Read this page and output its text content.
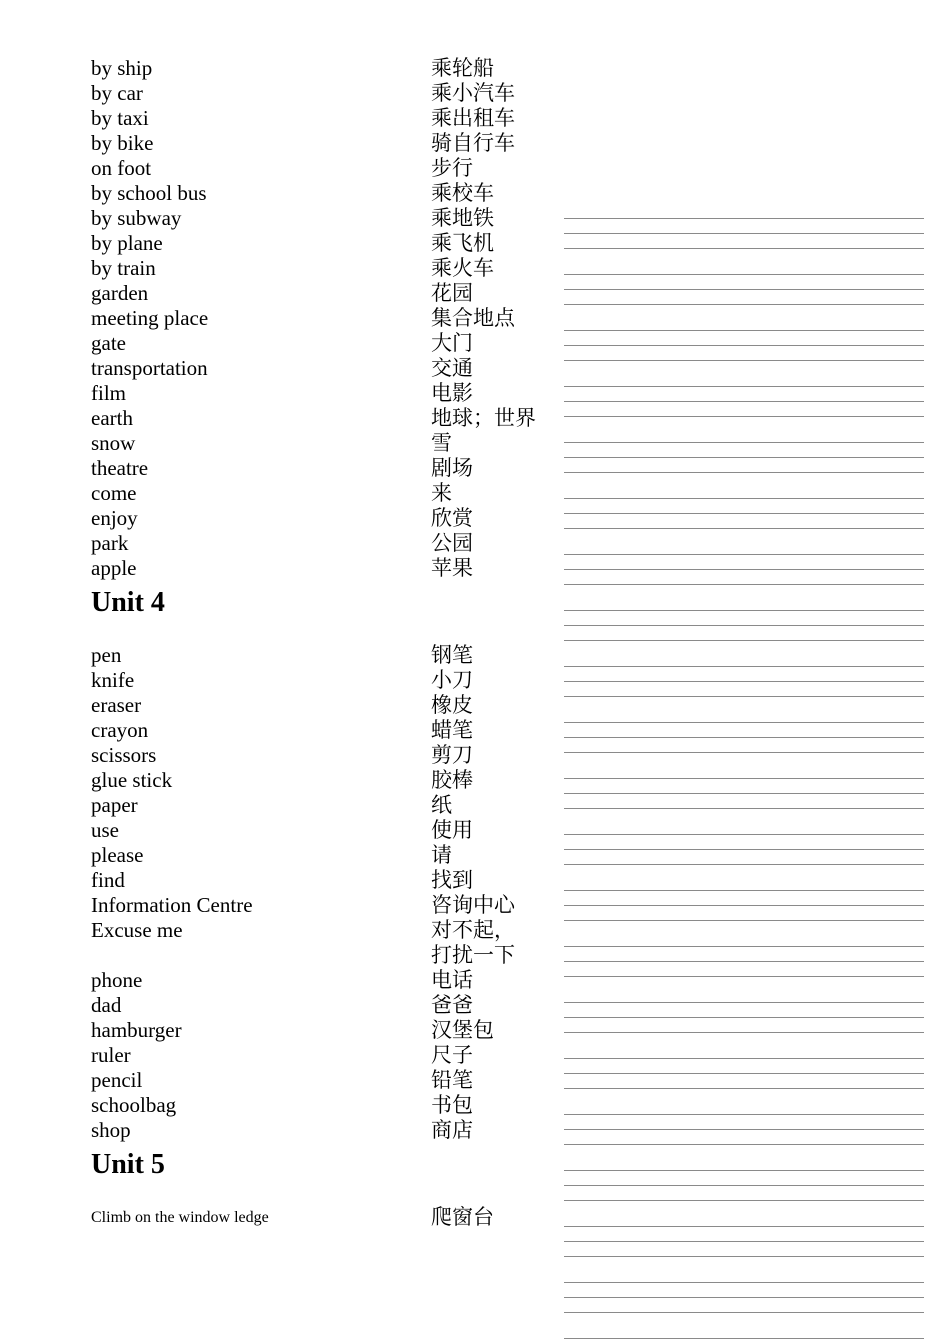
by ship	乘轮船
by car	乘小汽车
by taxi	乘出租车
by bike	骑自行车
on foot	步行
by school bus	乘校车
by subway	乘地铁
by plane	乘飞机
by train	乘火车
garden	花园
meeting place	集合地点
gate	大门
transportation	交通
film	电影
earth	地球；世界
snow	雪
theatre	剧场
come	来
enjoy	欣赏
park	公园
apple	苹果
Unit 4
pen	钢笔
knife	小刀
eraser	橡皮
crayon	蜡笔
scissors	剪刀
glue stick	胶棒
paper	纸
use	使用
please	请
find	找到
Information Centre	咨询中心
Excuse me	对不起，
打扰一下
phone	电话
dad	爸爸
hamburger	汉堡包
ruler	尺子
pencil	铅笔
schoolbag	书包
shop	商店
Unit 5
Climb on the window ledge	爬窗台
